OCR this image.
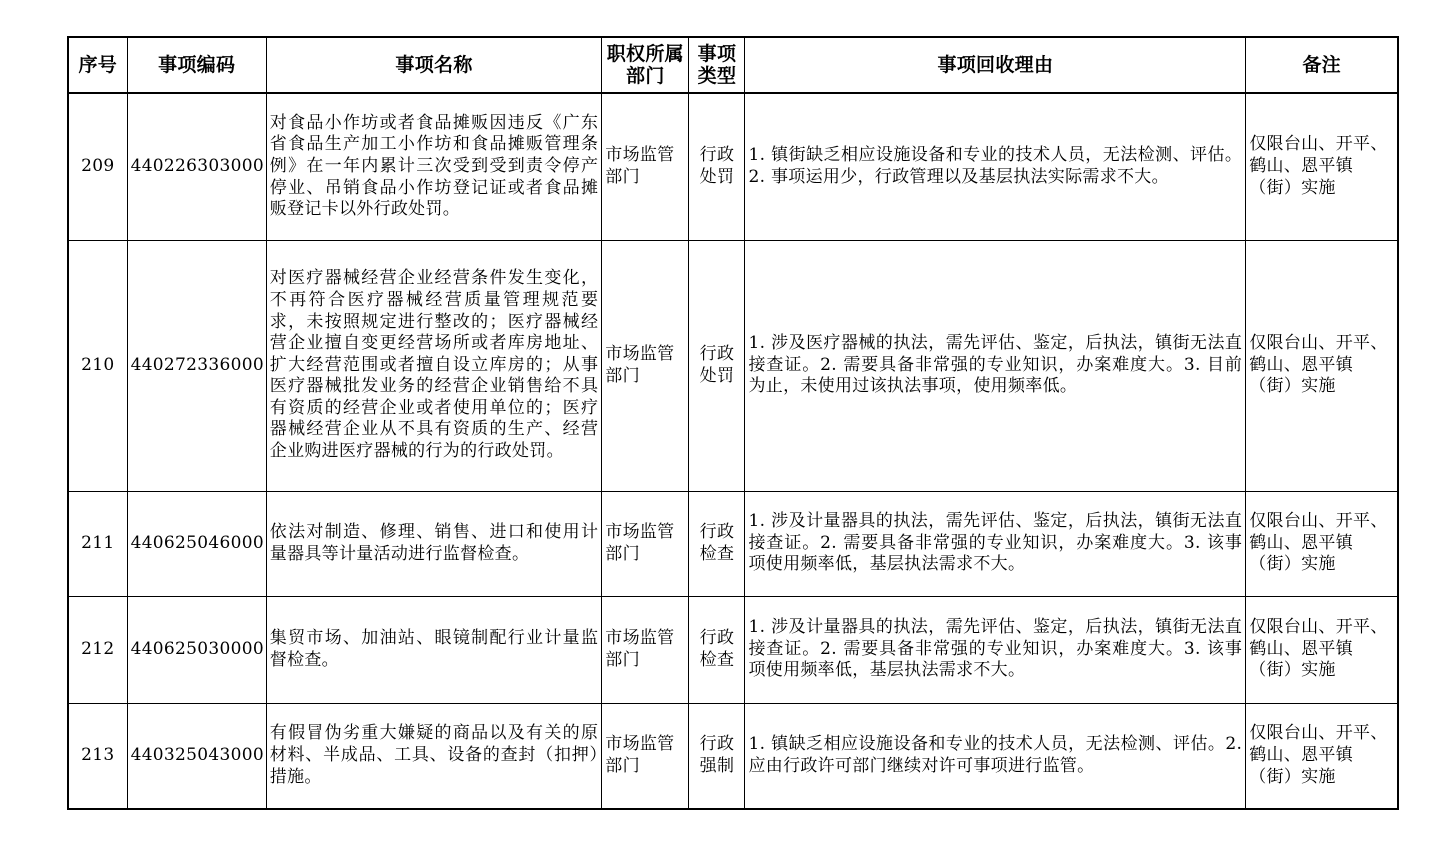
序号	事项编码	事项名称	职权所属部门	事项类型	事项回收理由	备注
209	440226303000	对食品小作坊或者食品摊贩因违反《广东省食品生产加工小作坊和食品摊贩管理条例》在一年内累计三次受到受到责令停产停业、吊销食品小作坊登记证或者食品摊贩登记卡以外行政处罚。	市场监管部门	行政处罚	1. 镇街缺乏相应设施设备和专业的技术人员，无法检测、评估。2. 事项运用少，行政管理以及基层执法实际需求不大。	仅限台山、开平、鹤山、恩平镇（街）实施
210	440272336000	对医疗器械经营企业经营条件发生变化，不再符合医疗器械经营质量管理规范要求，未按照规定进行整改的；医疗器械经营企业擅自变更经营场所或者库房地址、扩大经营范围或者擅自设立库房的；从事医疗器械批发业务的经营企业销售给不具有资质的经营企业或者使用单位的；医疗器械经营企业从不具有资质的生产、经营企业购进医疗器械的行为的行政处罚。	市场监管部门	行政处罚	1. 涉及医疗器械的执法，需先评估、鉴定，后执法，镇街无法直接查证。2. 需要具备非常强的专业知识，办案难度大。3. 目前为止，未使用过该执法事项，使用频率低。	仅限台山、开平、鹤山、恩平镇（街）实施
211	440625046000	依法对制造、修理、销售、进口和使用计量器具等计量活动进行监督检查。	市场监管部门	行政检查	1. 涉及计量器具的执法，需先评估、鉴定，后执法，镇街无法直接查证。2. 需要具备非常强的专业知识，办案难度大。3. 该事项使用频率低，基层执法需求不大。	仅限台山、开平、鹤山、恩平镇（街）实施
212	440625030000	集贸市场、加油站、眼镜制配行业计量监督检查。	市场监管部门	行政检查	1. 涉及计量器具的执法，需先评估、鉴定，后执法，镇街无法直接查证。2. 需要具备非常强的专业知识，办案难度大。3. 该事项使用频率低，基层执法需求不大。	仅限台山、开平、鹤山、恩平镇（街）实施
213	440325043000	有假冒伪劣重大嫌疑的商品以及有关的原材料、半成品、工具、设备的查封（扣押）措施。	市场监管部门	行政强制	1. 镇缺乏相应设施设备和专业的技术人员，无法检测、评估。2. 应由行政许可部门继续对许可事项进行监管。	仅限台山、开平、鹤山、恩平镇（街）实施
